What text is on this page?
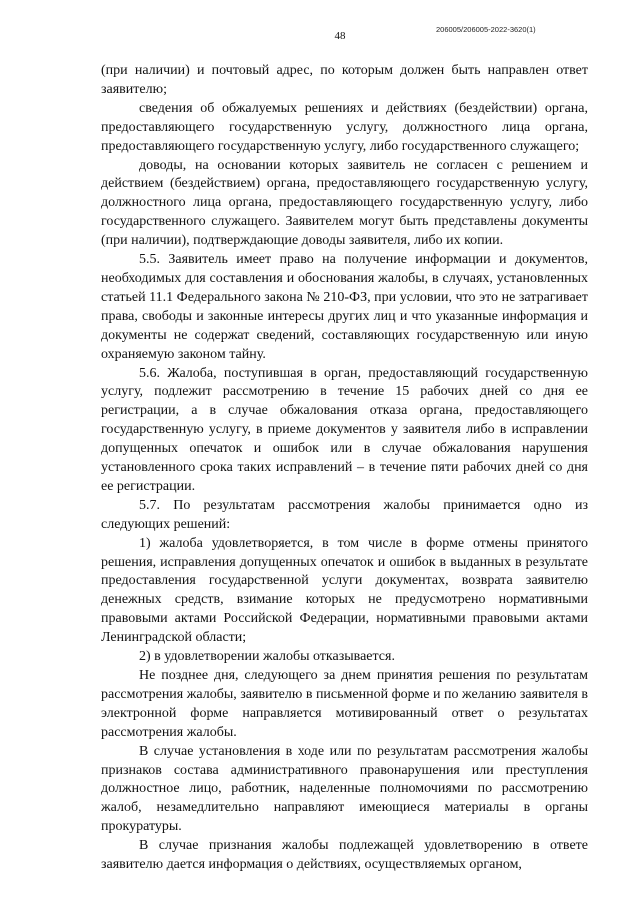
206005/206005-2022-3620(1)

48

(при наличии) и почтовый адрес, по которым должен быть направлен ответ заявителю;

сведения об обжалуемых решениях и действиях (бездействии) органа, предоставляющего государственную услугу, должностного лица органа, предоставляющего государственную услугу, либо государственного служащего;

доводы, на основании которых заявитель не согласен с решением и действием (бездействием) органа, предоставляющего государственную услугу, должностного лица органа, предоставляющего государственную услугу, либо государственного служащего. Заявителем могут быть представлены документы (при наличии), подтверждающие доводы заявителя, либо их копии.

5.5. Заявитель имеет право на получение информации и документов, необходимых для составления и обоснования жалобы, в случаях, установленных статьей 11.1 Федерального закона № 210-ФЗ, при условии, что это не затрагивает права, свободы и законные интересы других лиц и что указанные информация и документы не содержат сведений, составляющих государственную или иную охраняемую законом тайну.

5.6. Жалоба, поступившая в орган, предоставляющий государственную услугу, подлежит рассмотрению в течение 15 рабочих дней со дня ее регистрации, а в случае обжалования отказа органа, предоставляющего государственную услугу, в приеме документов у заявителя либо в исправлении допущенных опечаток и ошибок или в случае обжалования нарушения установленного срока таких исправлений – в течение пяти рабочих дней со дня ее регистрации.

5.7. По результатам рассмотрения жалобы принимается одно из следующих решений:

1) жалоба удовлетворяется, в том числе в форме отмены принятого решения, исправления допущенных опечаток и ошибок в выданных в результате предоставления государственной услуги документах, возврата заявителю денежных средств, взимание которых не предусмотрено нормативными правовыми актами Российской Федерации, нормативными правовыми актами Ленинградской области;

2) в удовлетворении жалобы отказывается.

Не позднее дня, следующего за днем принятия решения по результатам рассмотрения жалобы, заявителю в письменной форме и по желанию заявителя в электронной форме направляется мотивированный ответ о результатах рассмотрения жалобы.

В случае установления в ходе или по результатам рассмотрения жалобы признаков состава административного правонарушения или преступления должностное лицо, работник, наделенные полномочиями по рассмотрению жалоб, незамедлительно направляют имеющиеся материалы в органы прокуратуры.

В случае признания жалобы подлежащей удовлетворению в ответе заявителю дается информация о действиях, осуществляемых органом,
